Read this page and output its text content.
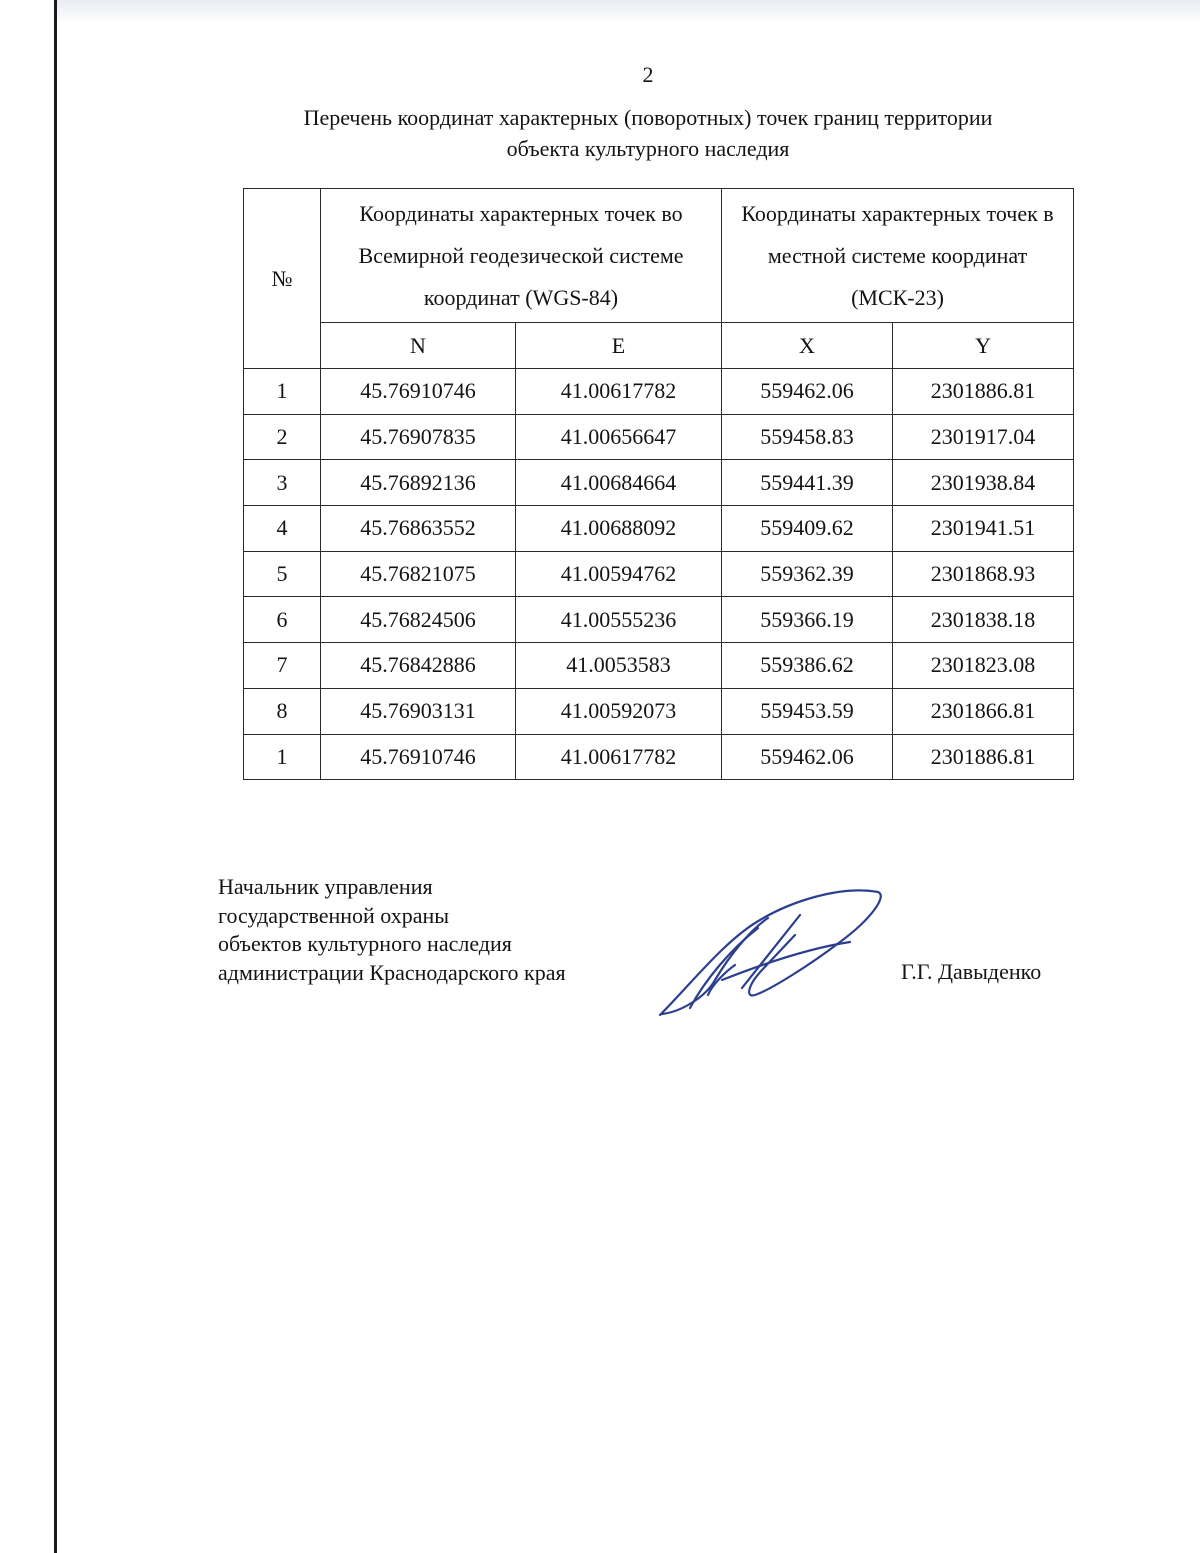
2
Перечень координат характерных (поворотных) точек границ территории
объекта культурного наследия
№	Координаты характерных точек во Всемирной геодезической системе координат (WGS-84)		Координаты характерных точек в местной системе координат (МСК-23)	
	N	E	X	Y
1	45.76910746	41.00617782	559462.06	2301886.81
2	45.76907835	41.00656647	559458.83	2301917.04
3	45.76892136	41.00684664	559441.39	2301938.84
4	45.76863552	41.00688092	559409.62	2301941.51
5	45.76821075	41.00594762	559362.39	2301868.93
6	45.76824506	41.00555236	559366.19	2301838.18
7	45.76842886	41.0053583	559386.62	2301823.08
8	45.76903131	41.00592073	559453.59	2301866.81
1	45.76910746	41.00617782	559462.06	2301886.81
Начальник управления
государственной охраны
объектов культурного наследия
администрации Краснодарского края	Г.Г. Давыденко
